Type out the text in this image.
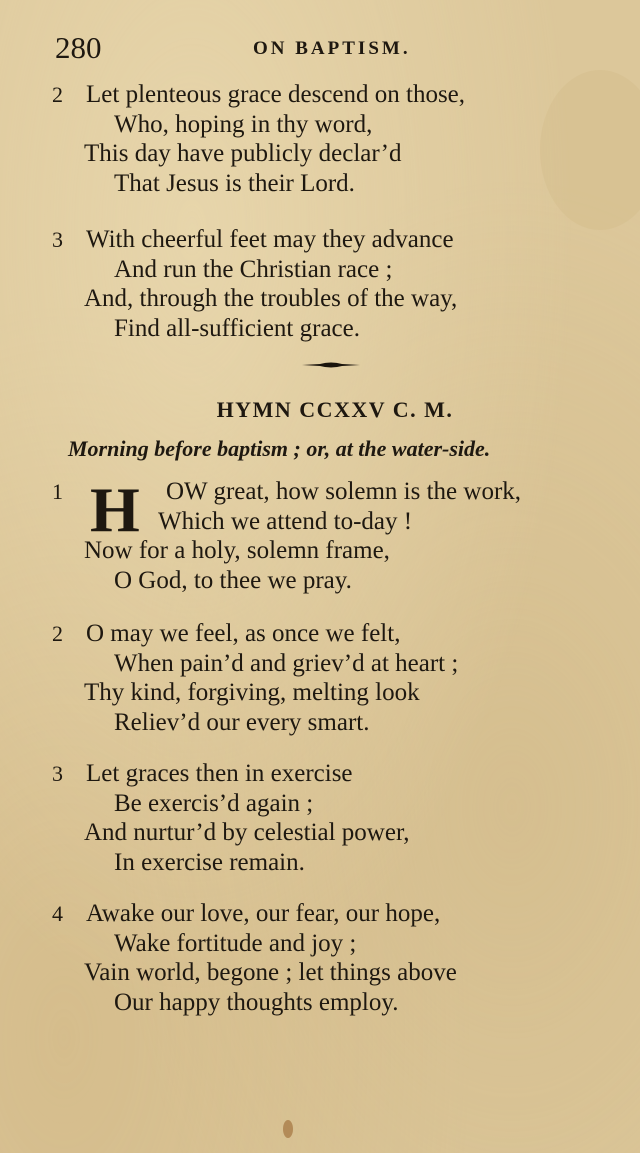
280	ON BAPTISM.
2 Let plenteous grace descend on those,
Who, hoping in thy word,
This day have publicly declar’d
That Jesus is their Lord.
3 With cheerful feet may they advance
And run the Christian race ;
And, through the troubles of the way,
Find all-sufficient grace.
HYMN CCXXV C. M.
Morning before baptism ; or, at the water-side.
H
1	OW great, how solemn is the work,
Which we attend to-day !
Now for a holy, solemn frame,
O God, to thee we pray.
2 O may we feel, as once we felt,
When pain’d and griev’d at heart ;
Thy kind, forgiving, melting look
Reliev’d our every smart.
3 Let graces then in exercise
Be exercis’d again ;
And nurtur’d by celestial power,
In exercise remain.
4 Awake our love, our fear, our hope,
Wake fortitude and joy ;
Vain world, begone ; let things above
Our happy thoughts employ.
